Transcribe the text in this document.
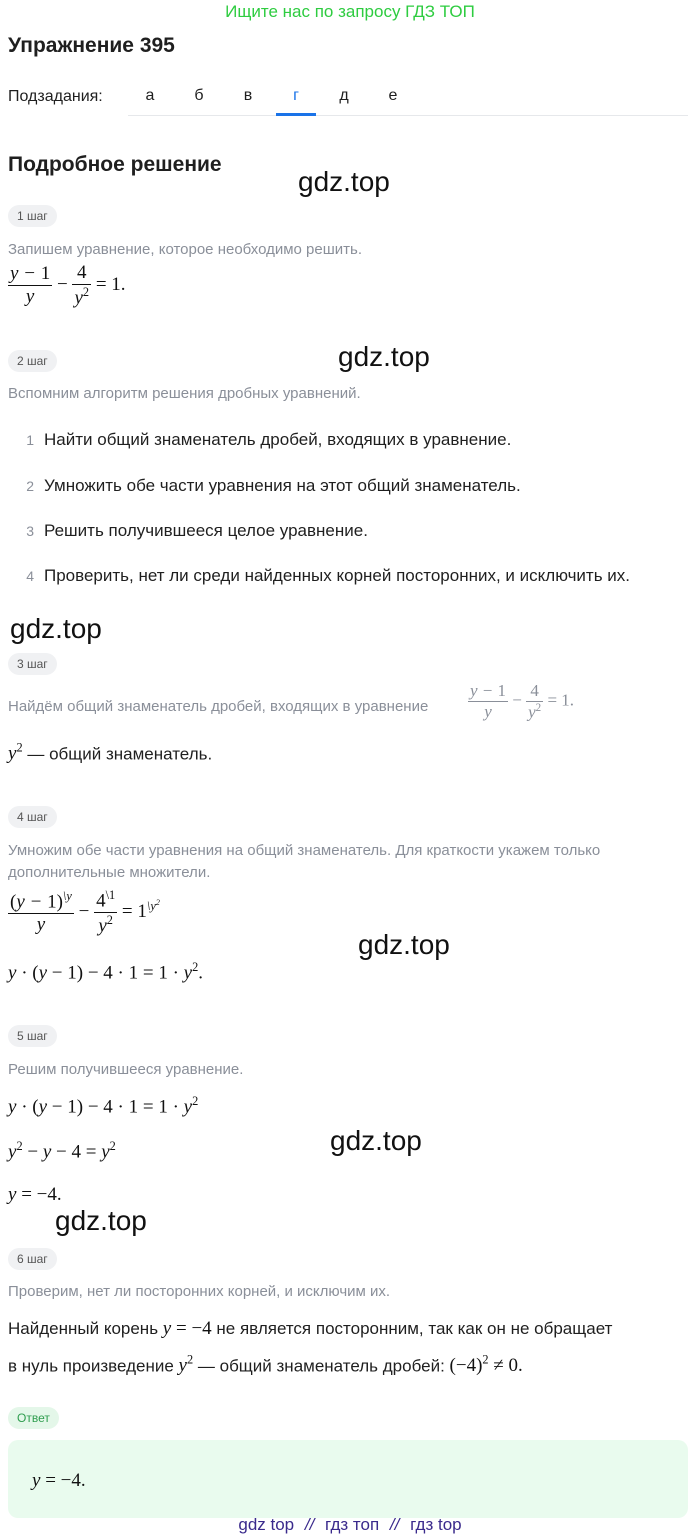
Ищите нас по запросу ГДЗ ТОП
Упражнение 395
Подзадания:	а	б	в	г	д	е
Подробное решение
gdz.top
gdz.top
gdz.top
gdz.top
gdz.top
gdz.top
1 шаг
Запишем уравнение, которое необходимо решить.
$\frac{y - 1}{y} - \frac{4}{y^2} = 1$.
2 шаг
Вспомним алгоритм решения дробных уравнений.
1 Найти общий знаменатель дробей, входящих в уравнение.
2 Умножить обе части уравнения на этот общий знаменатель.
3 Решить получившееся целое уравнение.
4 Проверить, нет ли среди найденных корней посторонних, и исключить их.
3 шаг
Найдём общий знаменатель дробей, входящих в уравнение $\frac{y - 1}{y} - \frac{4}{y^2} = 1$.
$y^2$ — общий знаменатель.
4 шаг
Умножим обе части уравнения на общий знаменатель. Для краткости укажем только
дополнительные множители.
$\frac{(y - 1)^{\backslash y}}{y} - \frac{4^{\backslash 1}}{y^2} = 1^{\backslash y^2}$
$y \cdot (y - 1) - 4 \cdot 1 = 1 \cdot y^2$.
5 шаг
Решим получившееся уравнение.
$y \cdot (y - 1) - 4 \cdot 1 = 1 \cdot y^2$
$y^2 - y - 4 = y^2$
y = −4.
6 шаг
Проверим, нет ли посторонних корней, и исключим их.
Найденный корень y = −4 не является посторонним, так как он не обращает
в нуль произведение $y^2$ — общий знаменатель дробей: $(-4)^2 \ne 0$.
Ответ
y = −4.
gdz top // гдз топ // гдз top
